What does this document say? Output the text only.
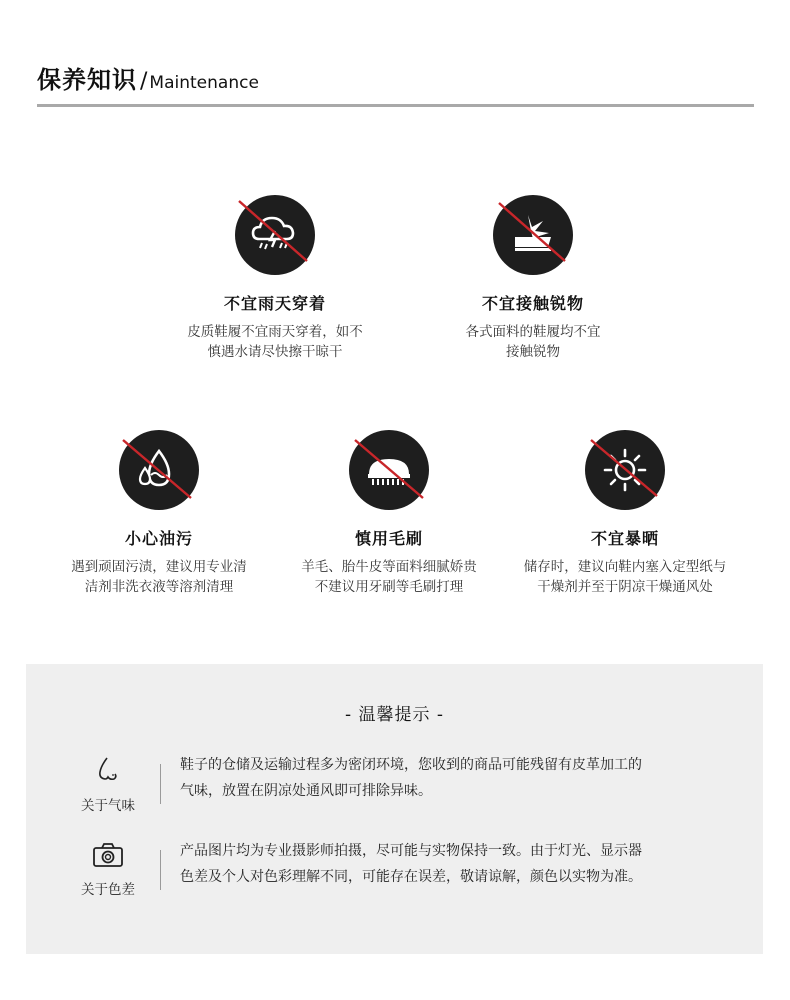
保养知识 / Maintenance
不宜雨天穿着
皮质鞋履不宜雨天穿着，如不
慎遇水请尽快擦干晾干
不宜接触锐物
各式面料的鞋履均不宜
接触锐物
小心油污
遇到顽固污渍，建议用专业清
洁剂非洗衣液等溶剂清理
慎用毛刷
羊毛、胎牛皮等面料细腻娇贵
不建议用牙刷等毛刷打理
不宜暴晒
储存时，建议向鞋内塞入定型纸与
干燥剂并至于阴凉干燥通风处
- 温馨提示 -
关于气味
鞋子的仓储及运输过程多为密闭环境，您收到的商品可能残留有皮革加工的
气味，放置在阴凉处通风即可排除异味。
关于色差
产品图片均为专业摄影师拍摄，尽可能与实物保持一致。由于灯光、显示器
色差及个人对色彩理解不同，可能存在误差，敬请谅解，颜色以实物为准。
